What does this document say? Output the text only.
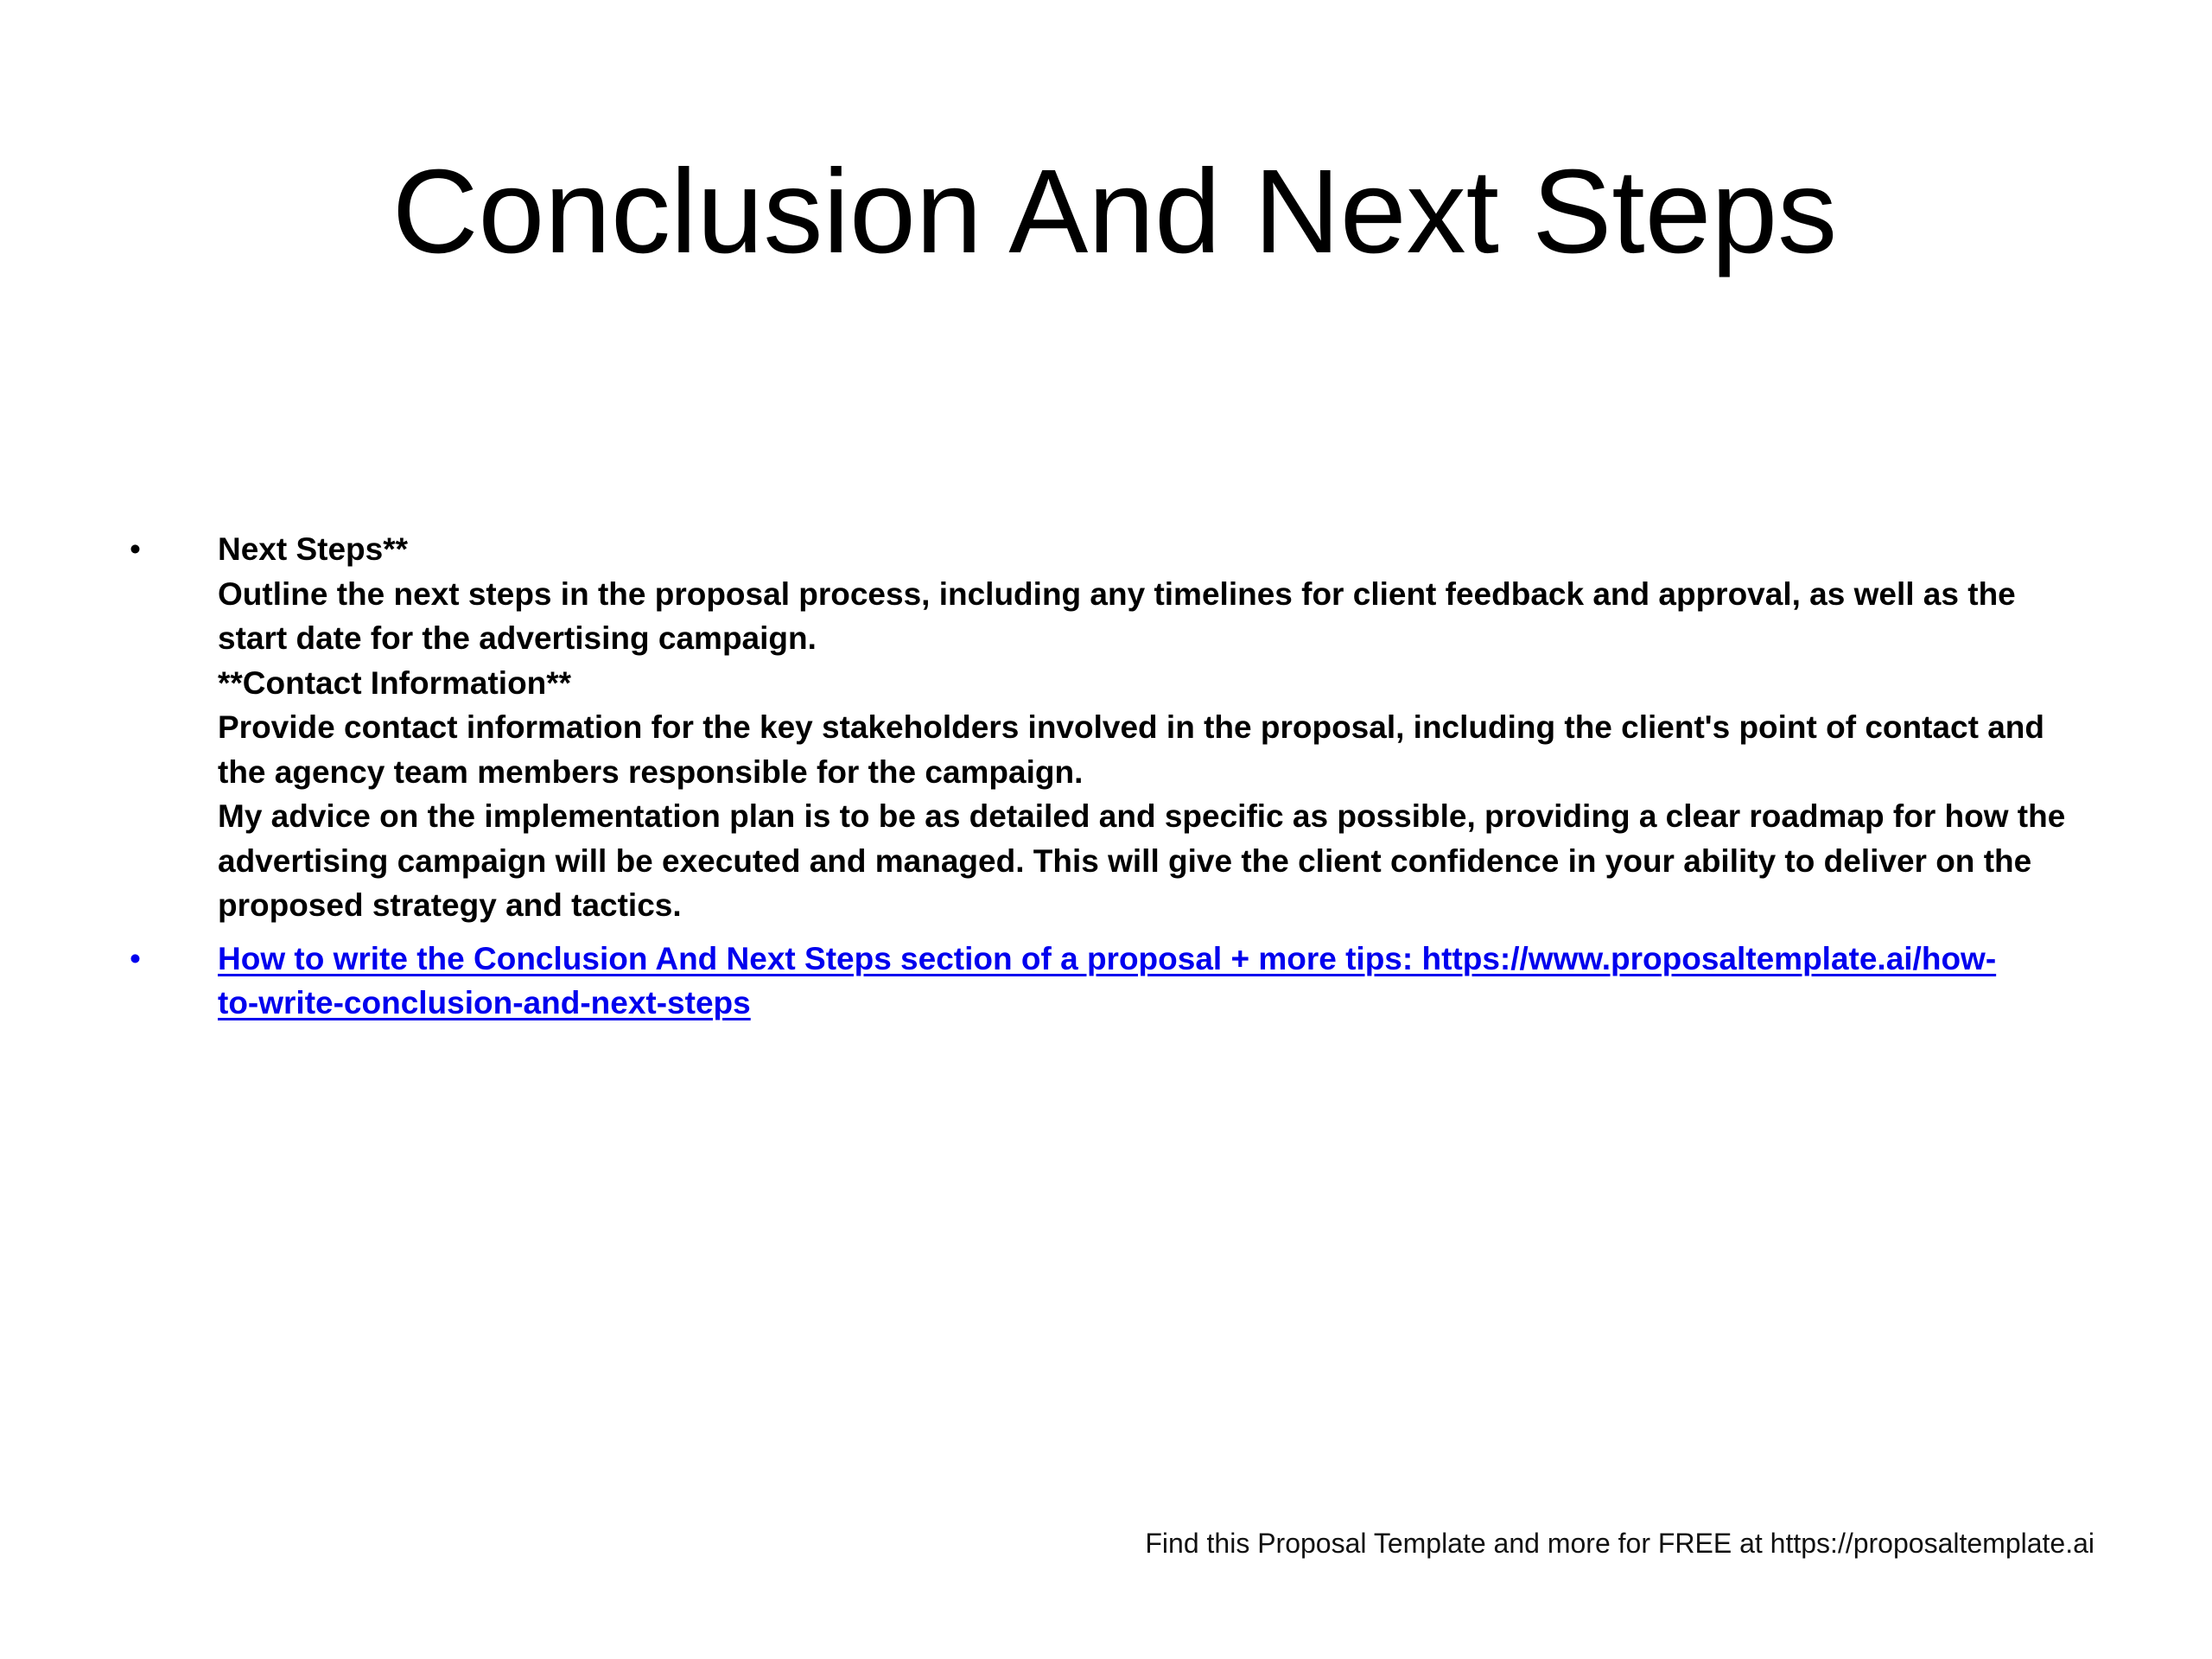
Conclusion And Next Steps
•	Next Steps**
Outline the next steps in the proposal process, including any timelines for client feedback and approval, as well as the
start date for the advertising campaign.
**Contact Information**
Provide contact information for the key stakeholders involved in the proposal, including the client's point of contact and
the agency team members responsible for the campaign.
My advice on the implementation plan is to be as detailed and specific as possible, providing a clear roadmap for how the
advertising campaign will be executed and managed. This will give the client confidence in your ability to deliver on the
proposed strategy and tactics.
•	How to write the Conclusion And Next Steps section of a proposal + more tips: https://www.proposaltemplate.ai/how-
to-write-conclusion-and-next-steps
Find this Proposal Template and more for FREE at https://proposaltemplate.ai
